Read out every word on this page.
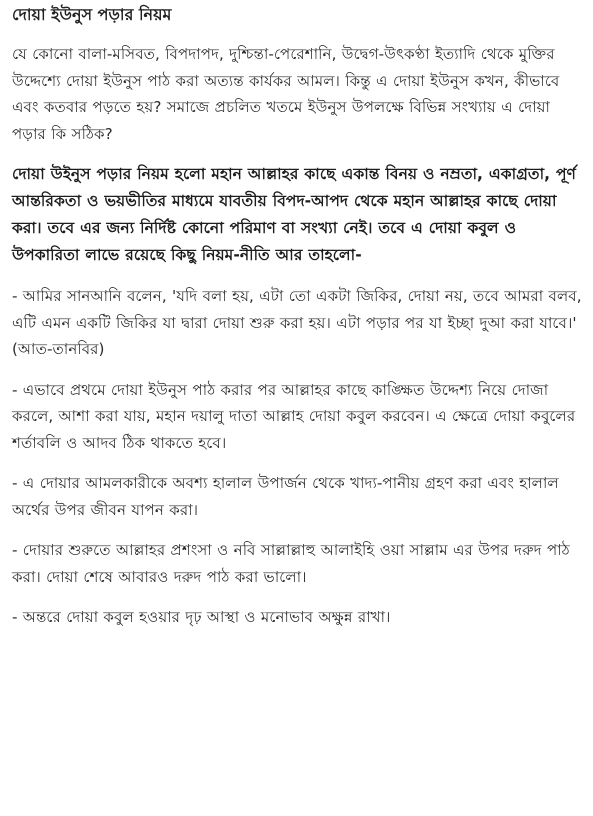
দোয়া ইউনুস পড়ার নিয়ম

যে কোনো বালা-মসিবত, বিপদাপদ, দুশ্চিন্তা-পেরেশানি, উদ্বেগ-উৎকণ্ঠা ইত্যাদি থেকে মুক্তির উদ্দেশ্যে দোয়া ইউনুস পাঠ করা অত্যন্ত কার্যকর আমল। কিন্তু এ দোয়া ইউনুস কখন, কীভাবে এবং কতবার পড়তে হয়? সমাজে প্রচলিত খতমে ইউনুস উপলক্ষে বিভিন্ন সংখ্যায় এ দোয়া পড়ার কি সঠিক?

দোয়া উইনুস পড়ার নিয়ম হলো মহান আল্লাহর কাছে একান্ত বিনয় ও নম্রতা, একাগ্রতা, পূর্ণ আন্তরিকতা ও ভয়ভীতির মাধ্যমে যাবতীয় বিপদ-আপদ থেকে মহান আল্লাহর কাছে দোয়া করা। তবে এর জন্য নির্দিষ্ট কোনো পরিমাণ বা সংখ্যা নেই। তবে এ দোয়া কবুল ও উপকারিতা লাভে রয়েছে কিছু নিয়ম-নীতি আর তাহলো-

- আমির সানআনি বলেন, 'যদি বলা হয়, এটা তো একটা জিকির, দোয়া নয়, তবে আমরা বলব, এটি এমন একটি জিকির যা দ্বারা দোয়া শুরু করা হয়। এটা পড়ার পর যা ইচ্ছা দুআ করা যাবে।' (আত-তানবির)

- এভাবে প্রথমে দোয়া ইউনুস পাঠ করার পর আল্লাহর কাছে কাঙ্ক্ষিত উদ্দেশ্য নিয়ে দোজা করলে, আশা করা যায়, মহান দয়ালু দাতা আল্লাহ দোয়া কবুল করবেন। এ ক্ষেত্রে দোয়া কবুলের শর্তাবলি ও আদব ঠিক থাকতে হবে।

- এ দোয়ার আমলকারীকে অবশ্য হালাল উপার্জন থেকে খাদ্য-পানীয় গ্রহণ করা এবং হালাল অর্থের উপর জীবন যাপন করা।

- দোয়ার শুরুতে আল্লাহর প্রশংসা ও নবি সাল্লাল্লাহু আলাইহি ওয়া সাল্লাম এর উপর দরুদ পাঠ করা। দোয়া শেষে আবারও দরুদ পাঠ করা ভালো।

- অন্তরে দোয়া কবুল হওয়ার দৃঢ় আস্থা ও মনোভাব অক্ষুন্ন রাখা।
